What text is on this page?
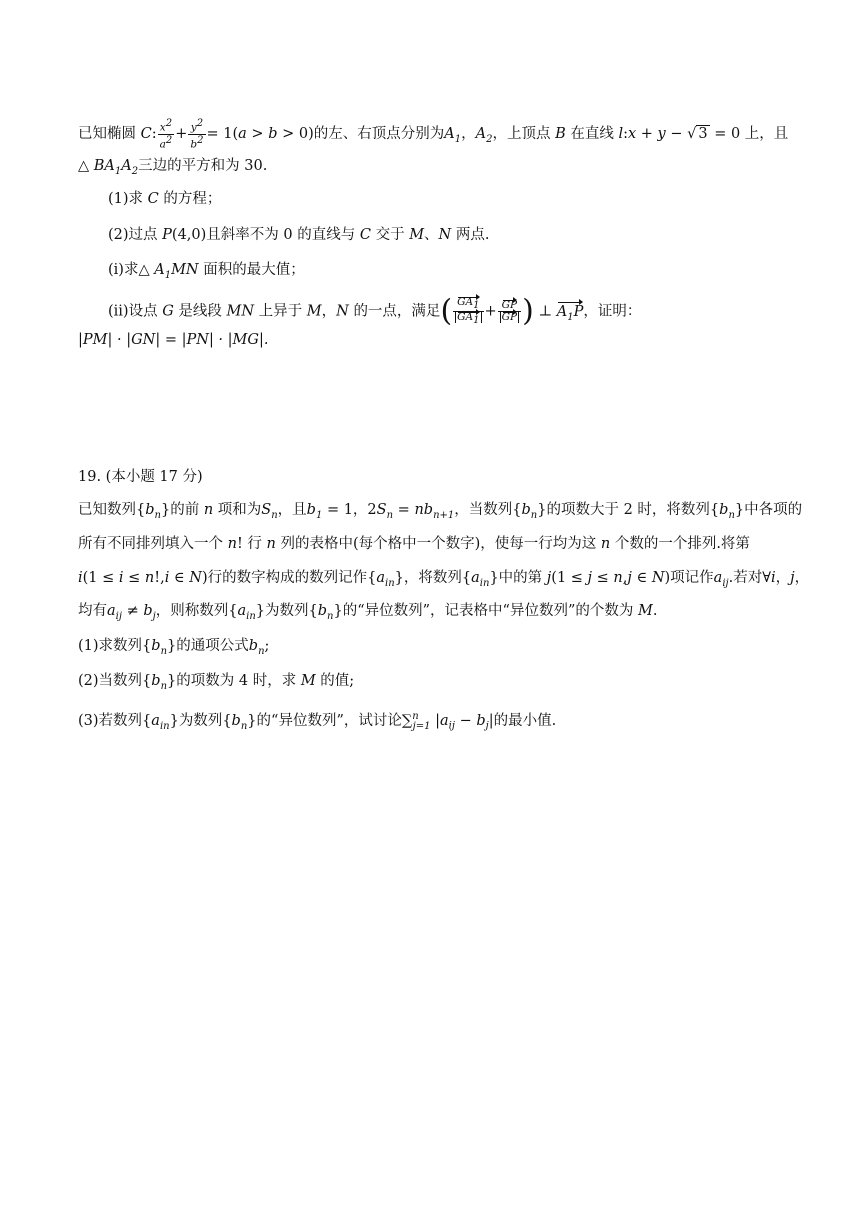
已知椭圆 C: $\frac{x^2}{a^2} + \frac{y^2}{b^2} = 1(a > b > 0)$的左、右顶点分别为$A_1$，$A_2$，上顶点 B 在直线 l:x + y − √ 3 = 0 上，且
△ $BA_1A_2$三边的平方和为 30.
(1)求 C 的方程；
(2)过点 P(4,0)且斜率不为 0 的直线与 C 交于 M、N 两点.
(i)求△ $A_1MN$ 面积的最大值；
(ii)设点 G 是线段 MN 上异于 M，N 的一点，满足( $\frac{GA_1}{GA_1} + \frac{GP}{GP}$ ) ⊥ $A_1P$，证明：
|PM| · |GN| = |PN| · |MG|.
19. (本小题 17 分)
已知数列$\{b_n\}$的前 n 项和为$S_n$，且$b_1 = 1$，$2S_n = nb_{n+1}$，当数列$\{b_n\}$的项数大于 2 时，将数列$\{b_n\}$中各项的
所有不同排列填入一个 n! 行 n 列的表格中(每个格中一个数字)，使每一行均为这 n 个数的一个排列.将第
i(1 ≤ i ≤ n!,i ∈ N)行的数字构成的数列记作$\{a_{in}\}$，将数列$\{a_{in}\}$中的第 j(1 ≤ j ≤ n,j ∈ N)项记作$a_{ij}$.若对∀i，j，
均有$a_{ij} \ne b_j$，则称数列$\{a_{in}\}$为数列$\{b_n\}$的“异位数列”，记表格中“异位数列”的个数为 M.
(1)求数列$\{b_n\}$的通项公式$b_n$;
(2)当数列$\{b_n\}$的项数为 4 时，求 M 的值;
(3)若数列$\{a_{in}\}$为数列$\{b_n\}$的“异位数列”，试讨论∑$^n_{j=1}$ $|a_{ij} - b_j|$的最小值.
